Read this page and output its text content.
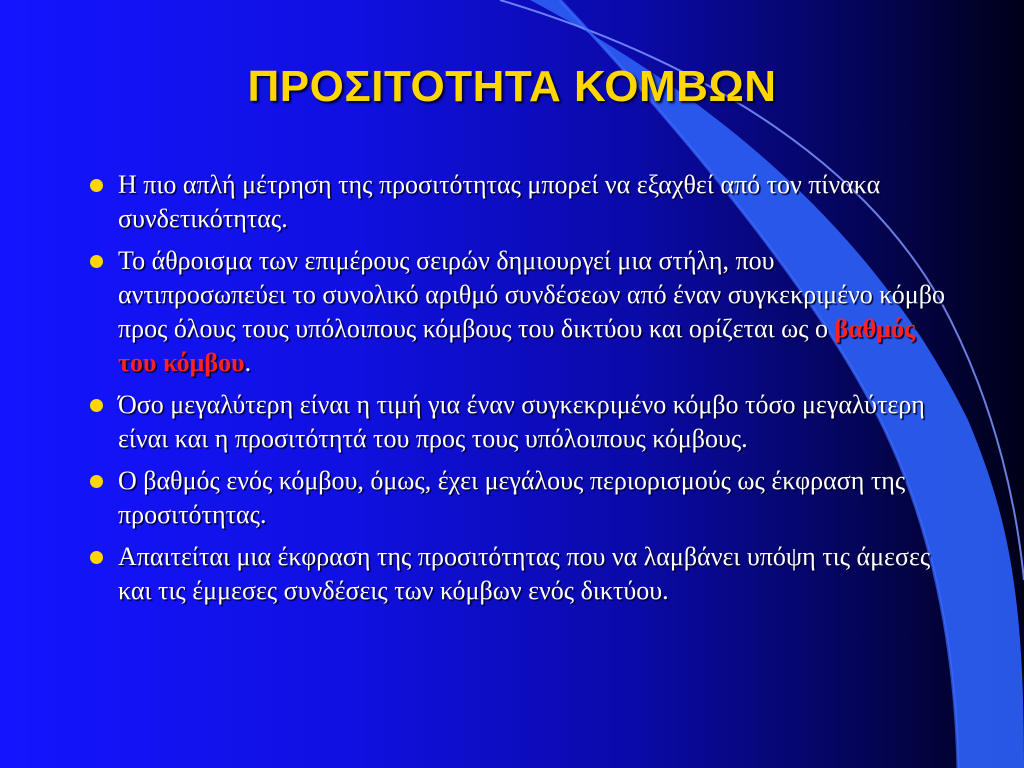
ΠΡΟΣΙΤΟΤΗΤΑ ΚΟΜΒΩΝ
Η πιο απλή μέτρηση της προσιτότητας μπορεί να εξαχθεί από τον πίνακα συνδετικότητας.
Το άθροισμα των επιμέρους σειρών δημιουργεί μια στήλη, που αντιπροσωπεύει το συνολικό αριθμό συνδέσεων από έναν συγκεκριμένο κόμβο προς όλους τους υπόλοιπους κόμβους του δικτύου και ορίζεται ως ο βαθμός του κόμβου.
Όσο μεγαλύτερη είναι η τιμή για έναν συγκεκριμένο κόμβο τόσο μεγαλύτερη είναι και η προσιτότητά του προς τους υπόλοιπους κόμβους.
Ο βαθμός ενός κόμβου, όμως, έχει μεγάλους περιορισμούς ως έκφραση της προσιτότητας.
Απαιτείται μια έκφραση της προσιτότητας που να λαμβάνει υπόψη τις άμεσες και τις έμμεσες συνδέσεις των κόμβων ενός δικτύου.
